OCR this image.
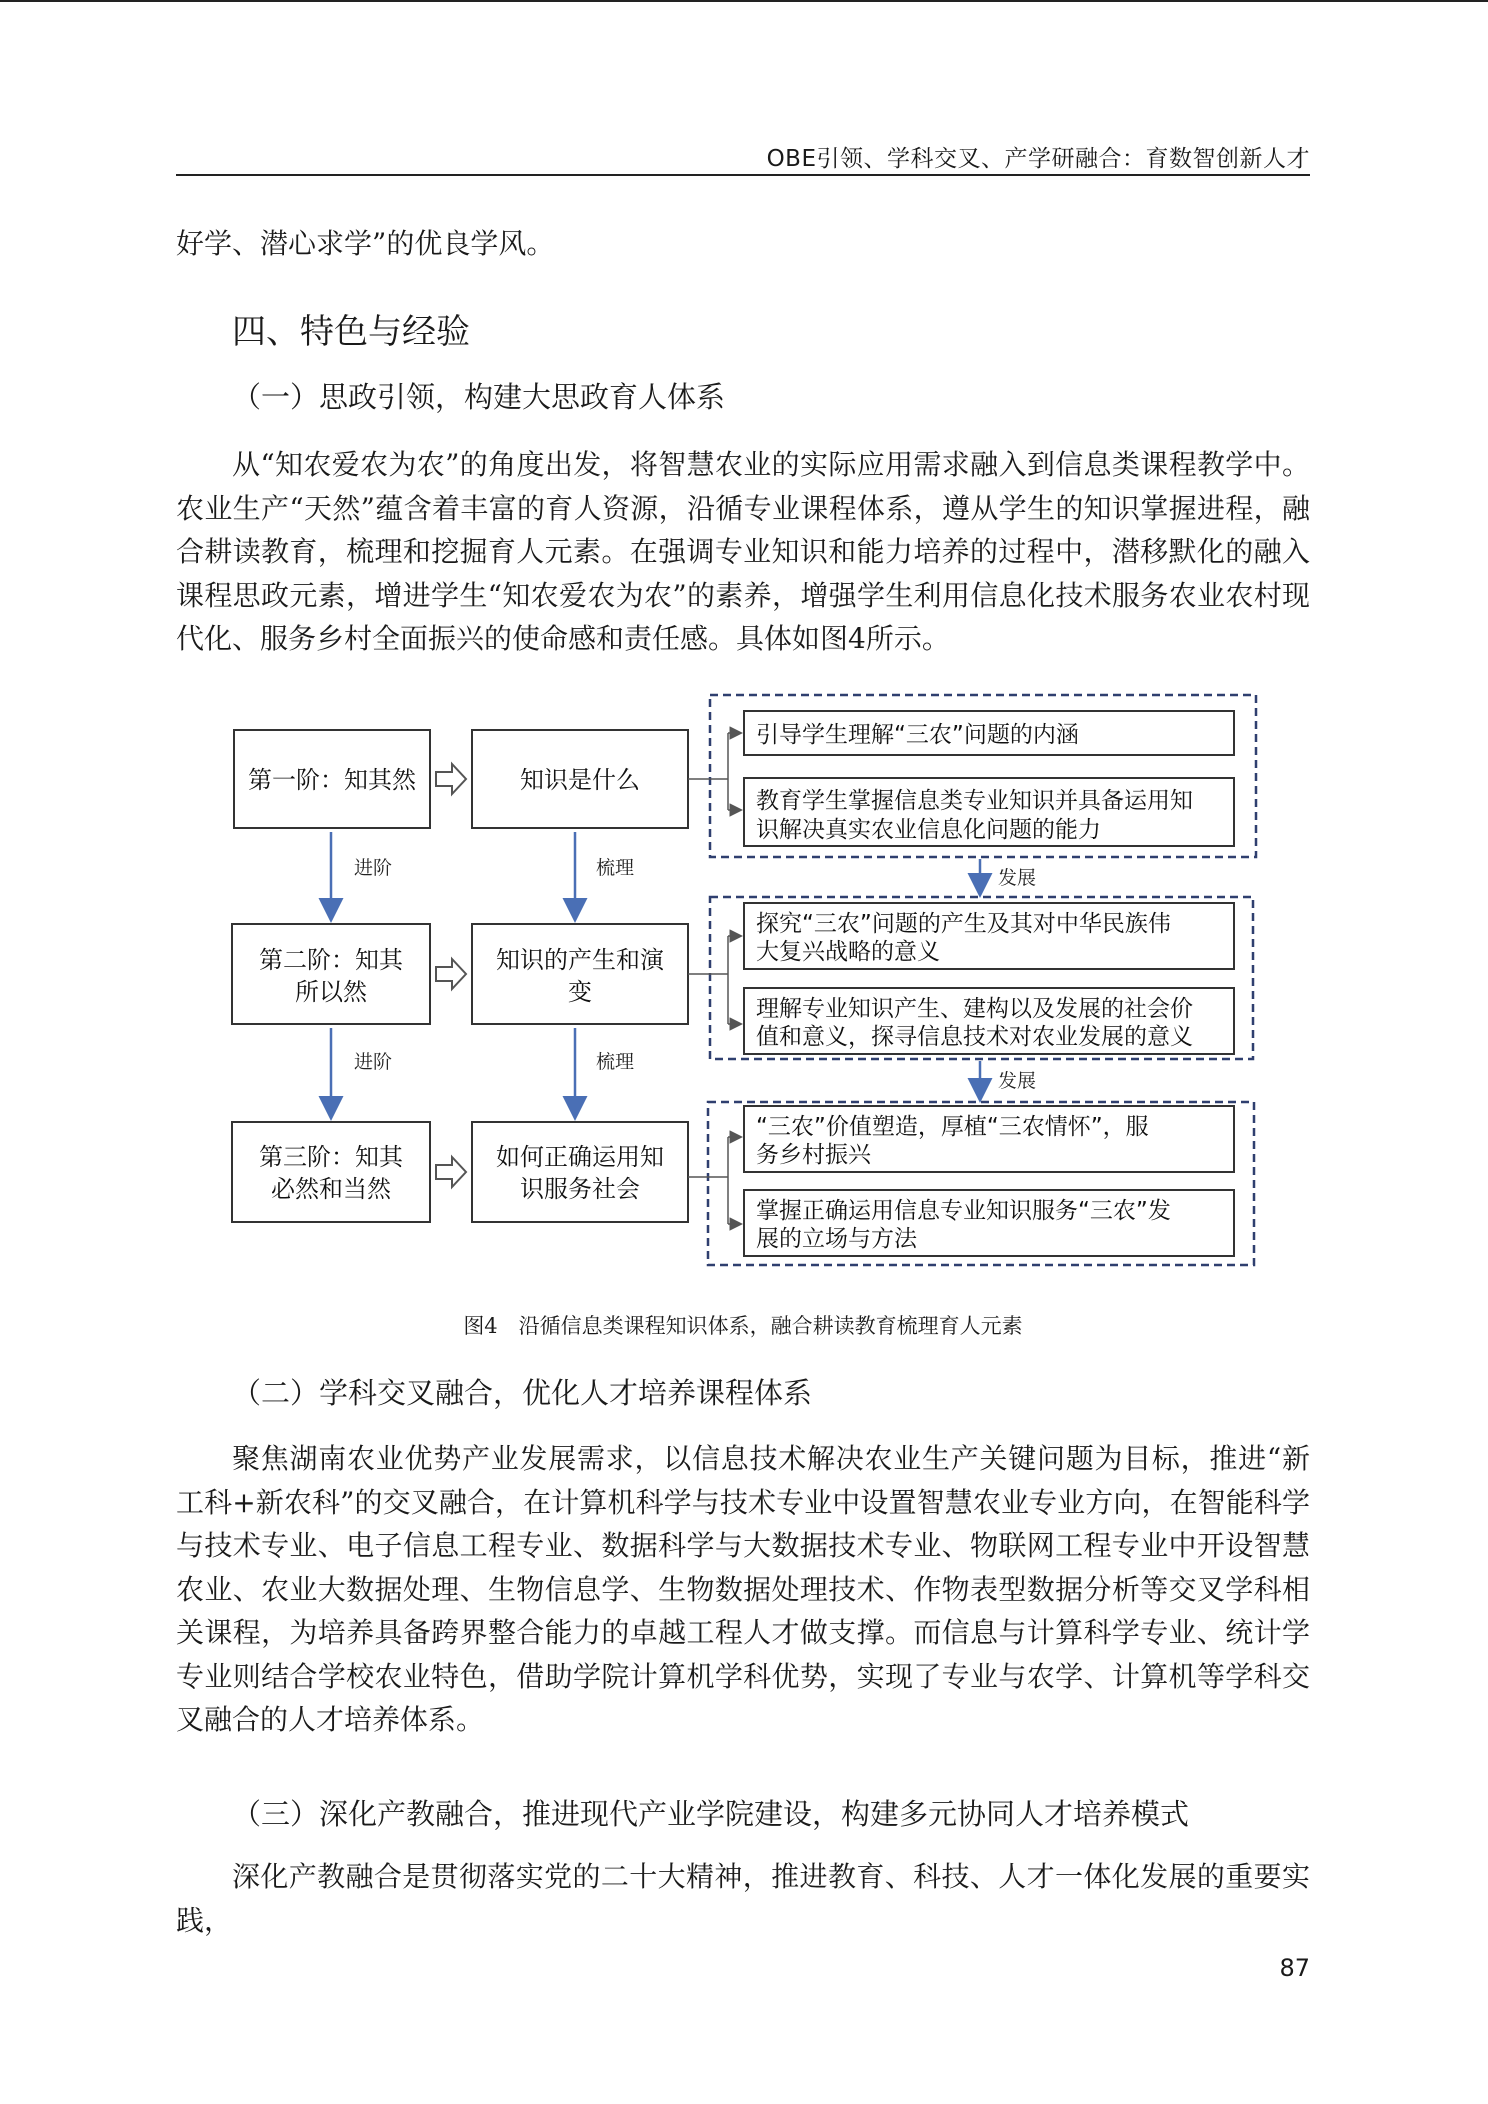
OBE引领、学科交叉、产学研融合：育数智创新人才

好学、潜心求学”的优良学风。

四、特色与经验
（一）思政引领，构建大思政育人体系

从“知农爱农为农”的角度出发，将智慧农业的实际应用需求融入到信息类课程教学中。农业生产“天然”蕴含着丰富的育人资源，沿循专业课程体系，遵从学生的知识掌握进程，融合耕读教育，梳理和挖掘育人元素。在强调专业知识和能力培养的过程中，潜移默化的融入课程思政元素，增进学生“知农爱农为农”的素养，增强学生利用信息化技术服务农业农村现代化、服务乡村全面振兴的使命感和责任感。具体如图4所示。

第一阶：知其然
第二阶：知其
所以然
第三阶：知其
必然和当然
知识是什么
知识的产生和演
变
如何正确运用知
识服务社会
进阶
进阶
梳理
梳理
发展
发展
引导学生理解“三农”问题的内涵
教育学生掌握信息类专业知识并具备运用知
识解决真实农业信息化问题的能力
探究“三农”问题的产生及其对中华民族伟
大复兴战略的意义
理解专业知识产生、建构以及发展的社会价
值和意义，探寻信息技术对农业发展的意义
“三农”价值塑造，厚植“三农情怀”，服
务乡村振兴
掌握正确运用信息专业知识服务“三农”发
展的立场与方法
图4　沿循信息类课程知识体系，融合耕读教育梳理育人元素
（二）学科交叉融合，优化人才培养课程体系

聚焦湖南农业优势产业发展需求，以信息技术解决农业生产关键问题为目标，推进“新工科+新农科”的交叉融合，在计算机科学与技术专业中设置智慧农业专业方向，在智能科学与技术专业、电子信息工程专业、数据科学与大数据技术专业、物联网工程专业中开设智慧农业、农业大数据处理、生物信息学、生物数据处理技术、作物表型数据分析等交叉学科相关课程，为培养具备跨界整合能力的卓越工程人才做支撑。而信息与计算科学专业、统计学专业则结合学校农业特色，借助学院计算机学科优势，实现了专业与农学、计算机等学科交叉融合的人才培养体系。

（三）深化产教融合，推进现代产业学院建设，构建多元协同人才培养模式

深化产教融合是贯彻落实党的二十大精神，推进教育、科技、人才一体化发展的重要实践，

87
